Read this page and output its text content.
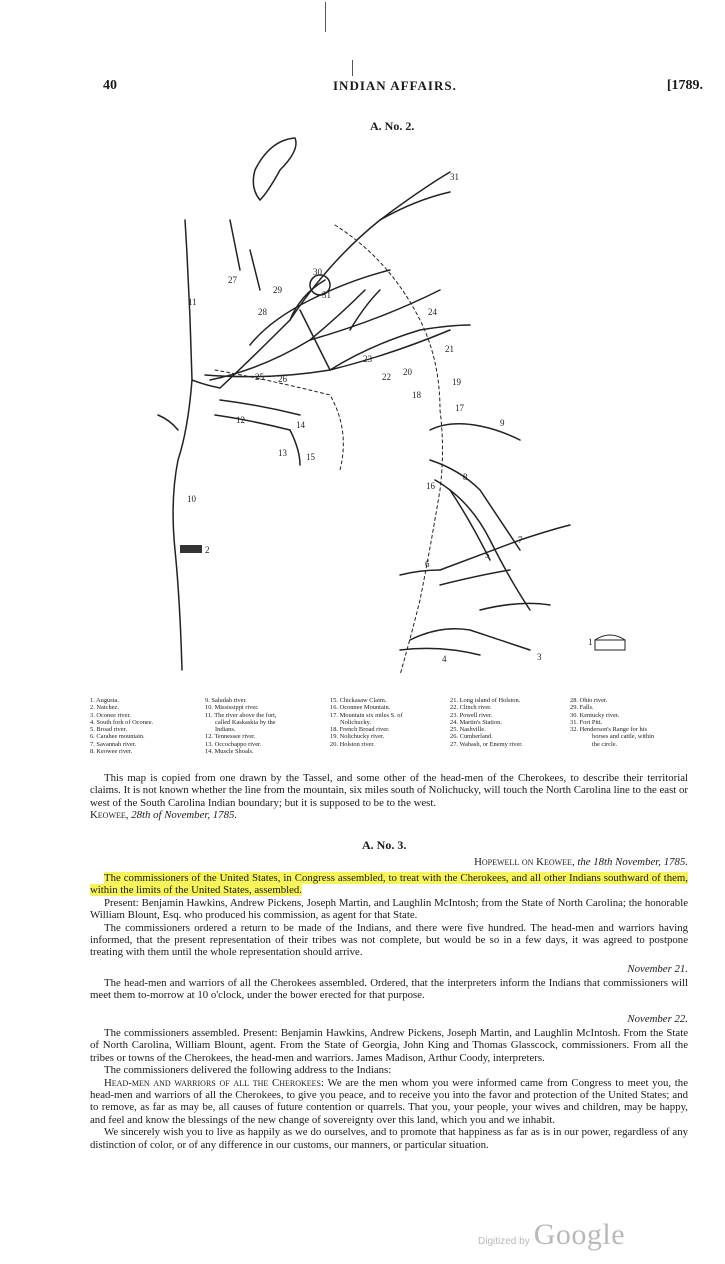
40	INDIAN AFFAIRS.	[1789.
A. No. 2.
31
27
30
29	31
28
11
24
21
23
22 20
19
25 26
18
17
9
12	14
13 15
16
8
10
7
2	5
6
1
4	3
1. Augusta.
2. Natchez.
3. Oconee river.
4. South fork of Oconee.
5. Broad river.
6. Carahee mountain.
7. Savannah river.
8. Keowee river.
9. Saludah river.
10. Mississippi river.
11. The river above the fort,
called Kaskaskia by the
Indians.
12. Tennessee river.
13. Occochappo river.
14. Muscle Shoals.
15. Chickasaw Claim.
16. Oconnee Mountain.
17. Mountain six miles S. of
Nolichucky.
18. French Broad river.
19. Nolichucky river.
20. Holston river.
21. Long island of Holston.
22. Clinch river.
23. Powell river.
24. Martin's Station.
25. Nashville.
26. Cumberland.
27. Wabash, or Enemy river.
28. Ohio river.
29. Falls.
30. Kentucky river.
31. Fort Pitt.
32. Henderson's Range for his
horses and cattle, within
the circle.
This map is copied from one drawn by the Tassel, and some other of the head-men of the Cherokees, to describe their territorial claims. It is not known whether the line from the mountain, six miles south of Nolichucky, will touch the North Carolina line to the east or west of the South Carolina Indian boundary; but it is supposed to be to the west.
Keowee, 28th of November, 1785.
A. No. 3.
Hopewell on Keowee, the 18th November, 1785.
The commissioners of the United States, in Congress assembled, to treat with the Cherokees, and all other Indians southward of them, within the limits of the United States, assembled.
Present: Benjamin Hawkins, Andrew Pickens, Joseph Martin, and Laughlin McIntosh; from the State of North Carolina; the honorable William Blount, Esq. who produced his commission, as agent for that State.
The commissioners ordered a return to be made of the Indians, and there were five hundred. The head-men and warriors having informed, that the present representation of their tribes was not complete, but would be so in a few days, it was agreed to postpone treating with them until the whole representation should arrive.
November 21.
The head-men and warriors of all the Cherokees assembled. Ordered, that the interpreters inform the Indians that commissioners will meet them to-morrow at 10 o'clock, under the bower erected for that purpose.
November 22.
The commissioners assembled. Present: Benjamin Hawkins, Andrew Pickens, Joseph Martin, and Laughlin McIntosh. From the State of North Carolina, William Blount, agent. From the State of Georgia, John King and Thomas Glasscock, commissioners. From all the tribes or towns of the Cherokees, the head-men and warriors. James Madison, Arthur Coody, interpreters.
The commissioners delivered the following address to the Indians:
Head-men and warriors of all the Cherokees: We are the men whom you were informed came from Congress to meet you, the head-men and warriors of all the Cherokees, to give you peace, and to receive you into the favor and protection of the United States; and to remove, as far as may be, all causes of future contention or quarrels. That you, your people, your wives and children, may be happy, and feel and know the blessings of the new change of sovereignty over this land, which you and we inhabit.
We sincerely wish you to live as happily as we do ourselves, and to promote that happiness as far as is in our power, regardless of any distinction of color, or of any difference in our customs, our manners, or particular situation.
Digitized by Google
